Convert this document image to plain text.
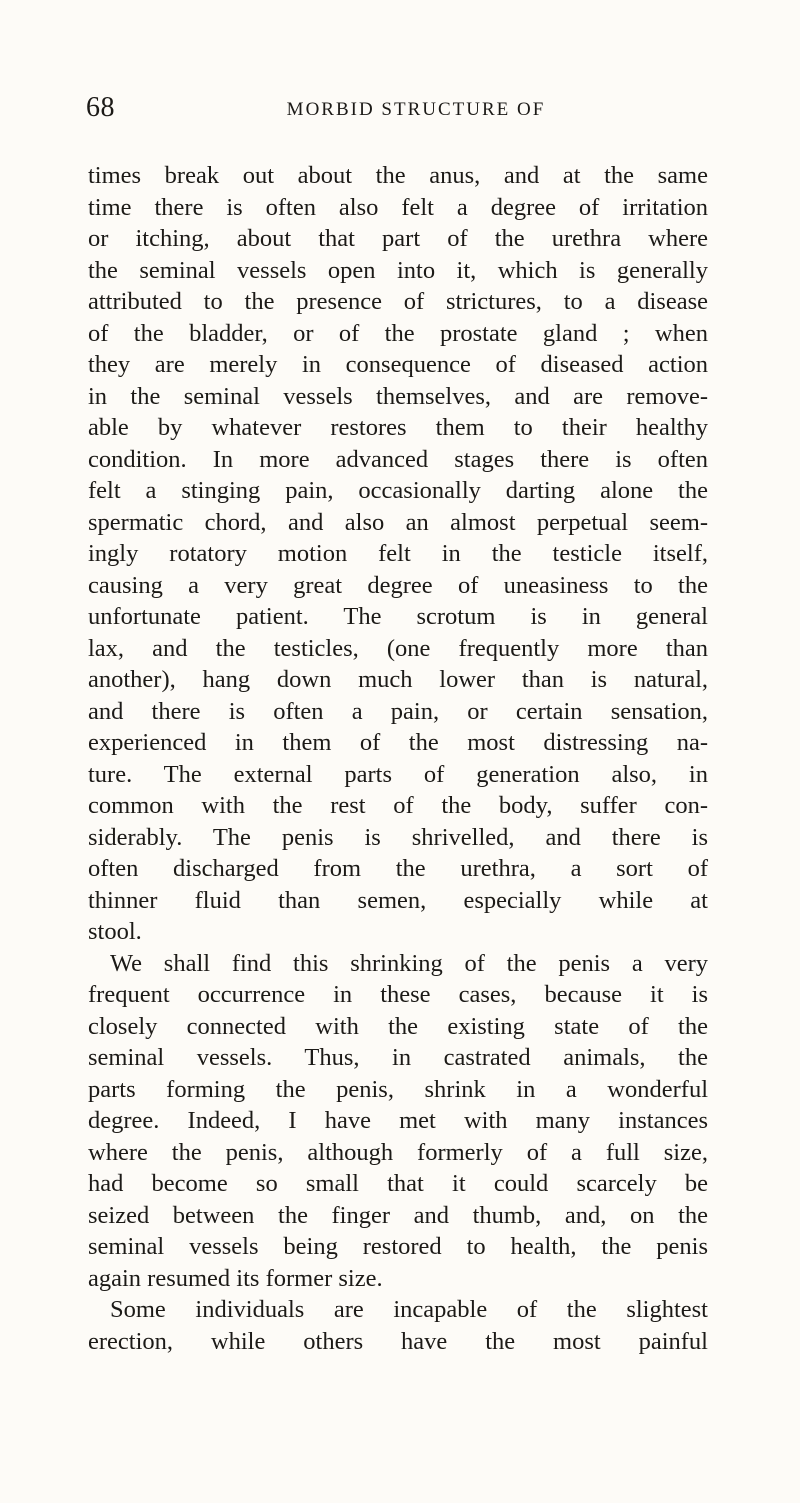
68	MORBID STRUCTURE OF
times break out about the anus, and at the same
time there is often also felt a degree of irritation
or itching, about that part of the urethra where
the seminal vessels open into it, which is generally
attributed to the presence of strictures, to a disease
of the bladder, or of the prostate gland ; when
they are merely in consequence of diseased action
in the seminal vessels themselves, and are remove-
able by whatever restores them to their healthy
condition. In more advanced stages there is often
felt a stinging pain, occasionally darting alone the
spermatic chord, and also an almost perpetual seem-
ingly rotatory motion felt in the testicle itself,
causing a very great degree of uneasiness to the
unfortunate patient. The scrotum is in general
lax, and the testicles, (one frequently more than
another), hang down much lower than is natural,
and there is often a pain, or certain sensation,
experienced in them of the most distressing na-
ture. The external parts of generation also, in
common with the rest of the body, suffer con-
siderably. The penis is shrivelled, and there is
often discharged from the urethra, a sort of
thinner fluid than semen, especially while at
stool.
We shall find this shrinking of the penis a very
frequent occurrence in these cases, because it is
closely connected with the existing state of the
seminal vessels. Thus, in castrated animals, the
parts forming the penis, shrink in a wonderful
degree. Indeed, I have met with many instances
where the penis, although formerly of a full size,
had become so small that it could scarcely be
seized between the finger and thumb, and, on the
seminal vessels being restored to health, the penis
again resumed its former size.
Some individuals are incapable of the slightest
erection, while others have the most painful
